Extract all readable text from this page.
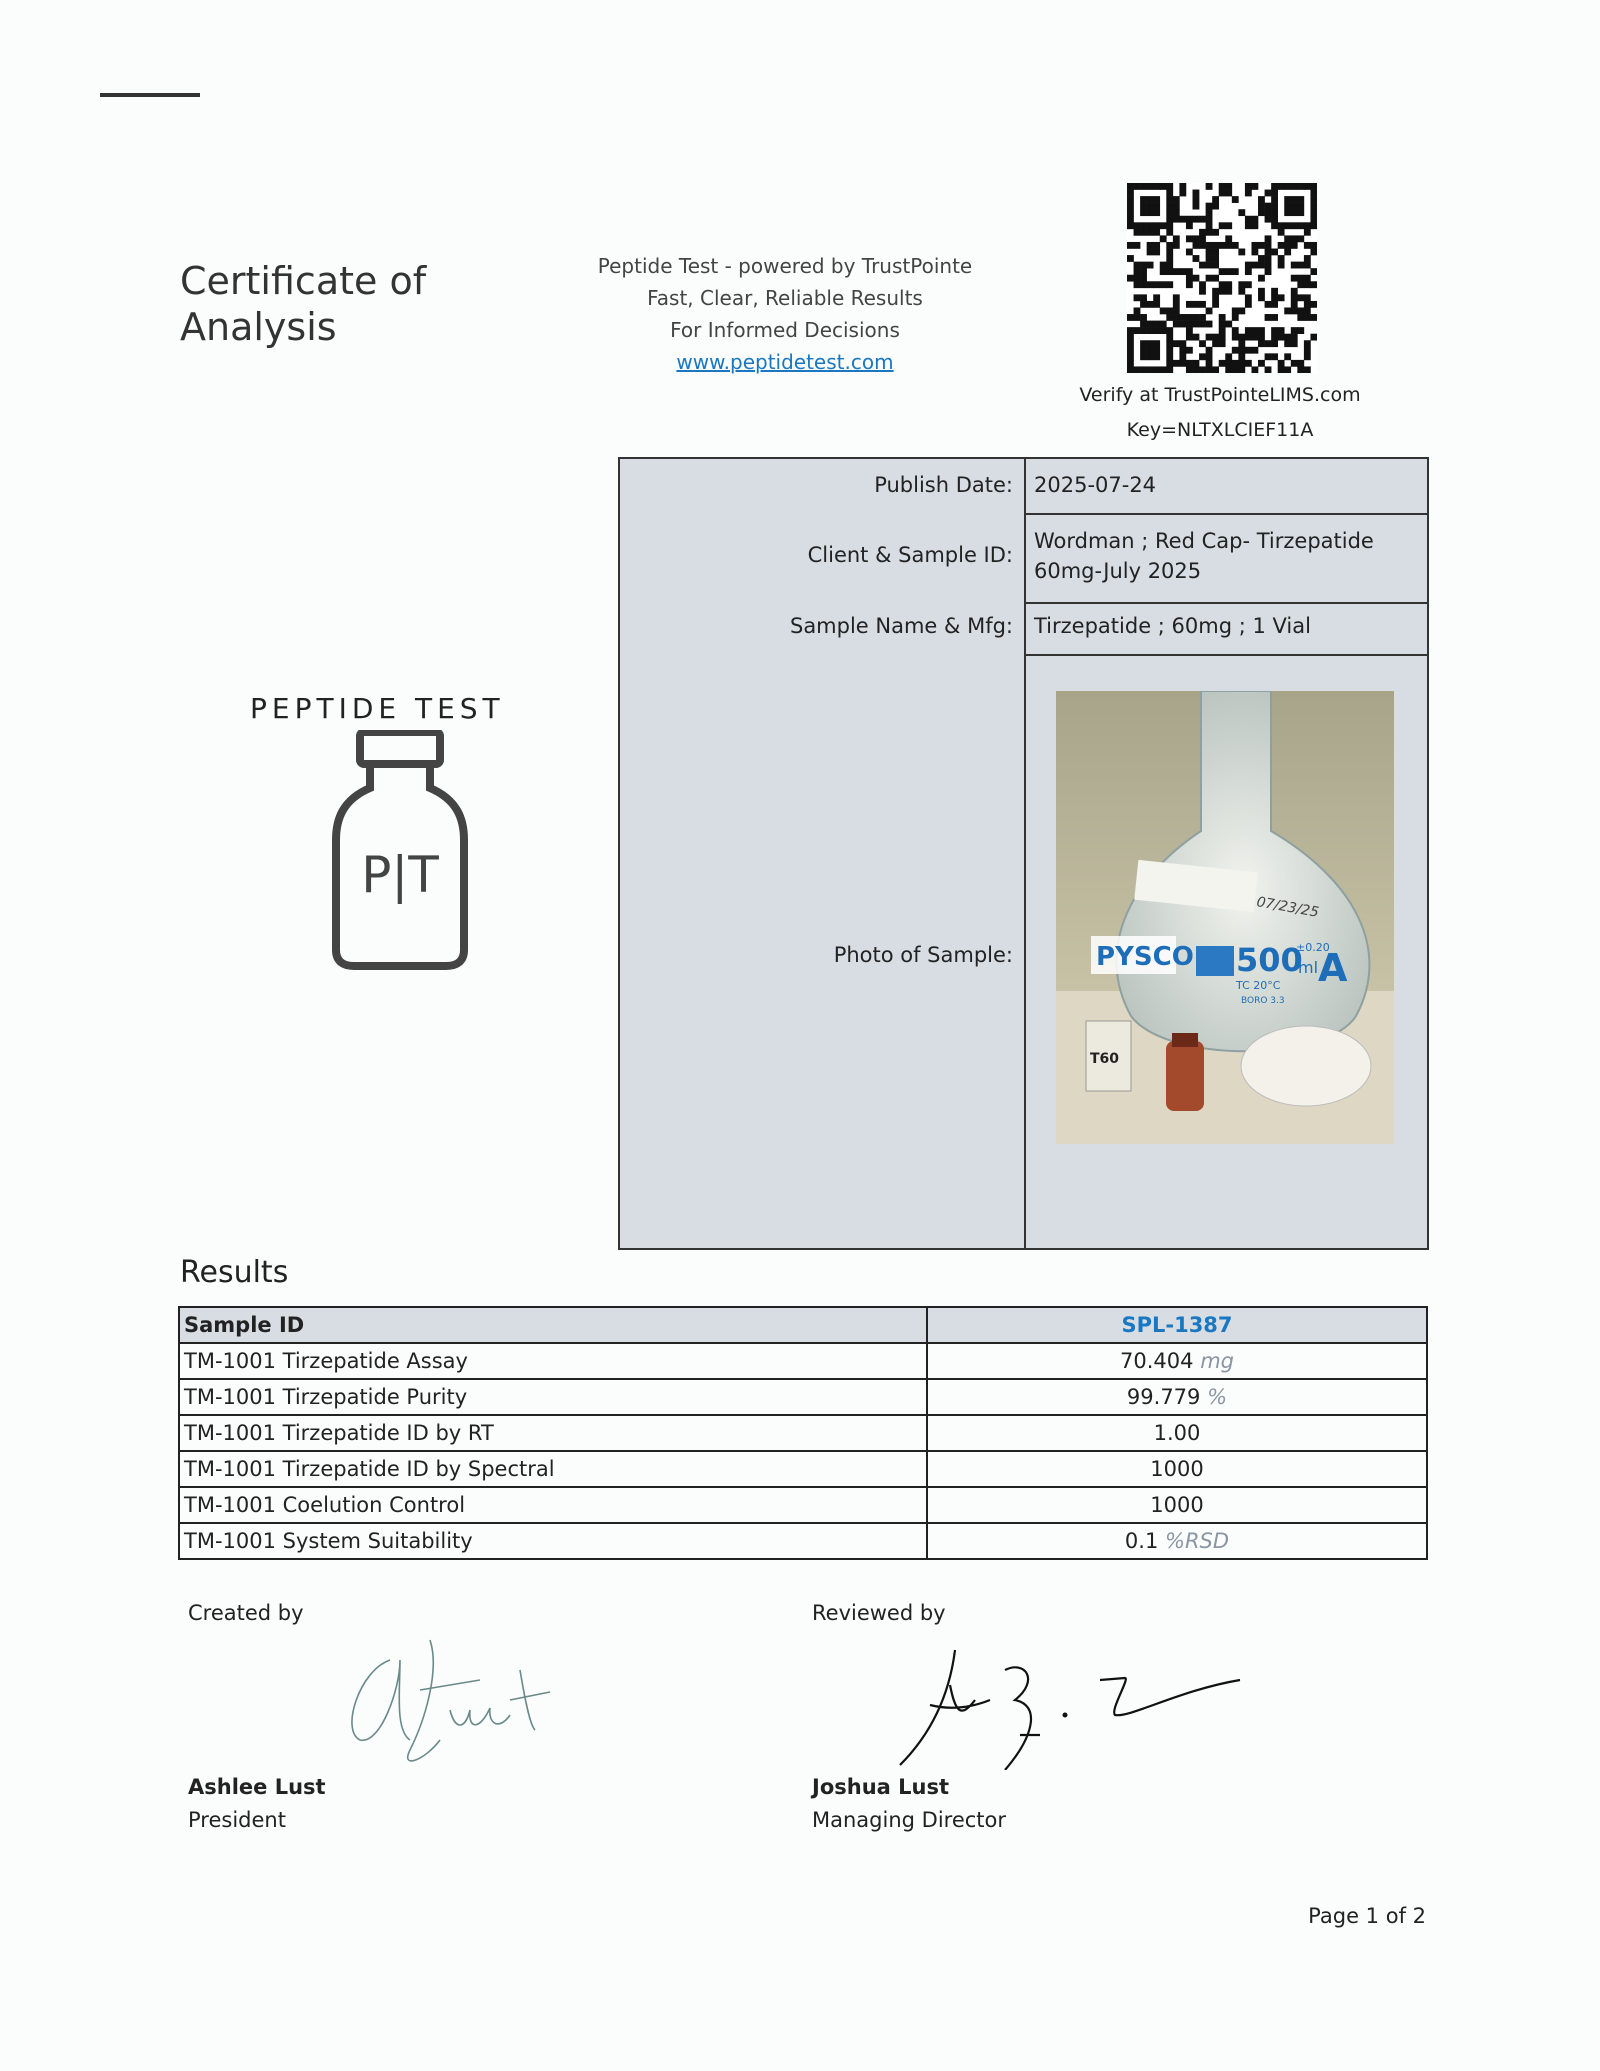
Certificate of
Analysis
Peptide Test - powered by TrustPointe
Fast, Clear, Reliable Results
For Informed Decisions
www.peptidetest.com
Verify at TrustPointeLIMS.com
Key=NLTXLCIEF11A
Publish Date: 2025-07-24
Client & Sample ID:
Wordman ; Red Cap- Tirzepatide
60mg-July 2025
Sample Name & Mfg: Tirzepatide ; 60mg ; 1 Vial
Photo of Sample:	PYSCO 500
TC 20°C
±0.20
ml A
BORO 3.3
07/23/25
T60
PEPTIDE TEST
P|T
Results
Sample ID	SPL-1387
TM-1001 Tirzepatide Assay	70.404 mg
TM-1001 Tirzepatide Purity	99.779 %
TM-1001 Tirzepatide ID by RT	1.00
TM-1001 Tirzepatide ID by Spectral	1000
TM-1001 Coelution Control	1000
TM-1001 System Suitability	0.1 %RSD
Created by
Ashlee Lust
President
Reviewed by
Joshua Lust
Managing Director
Page 1 of 2
